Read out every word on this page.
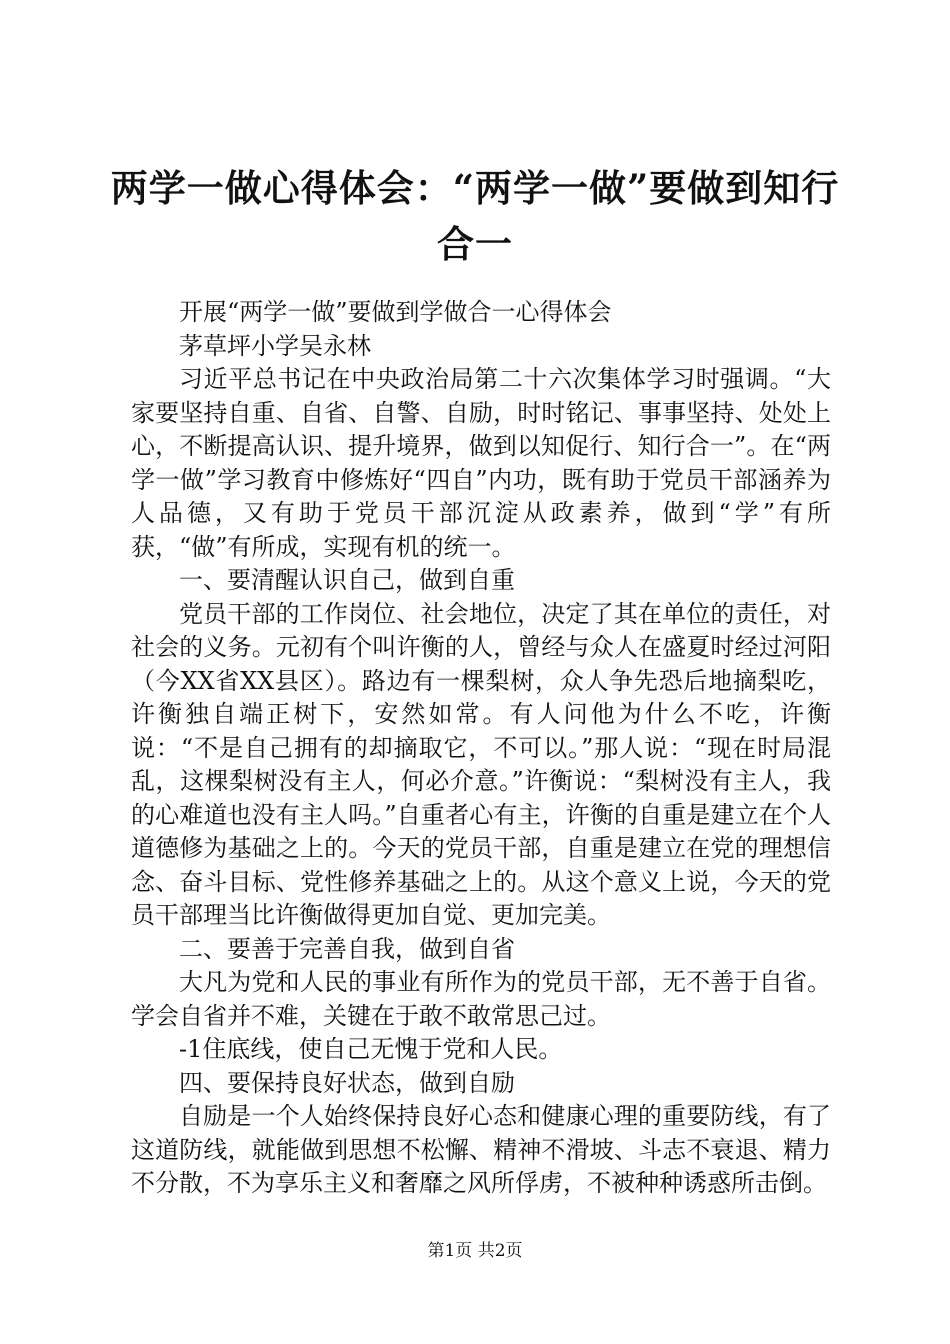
两学一做心得体会：“两学一做”要做到知行
合一

开展“两学一做”要做到学做合一心得体会

茅草坪小学吴永林

习近平总书记在中央政治局第二十六次集体学习时强调。“大家要坚持自重、自省、自警、自励，时时铭记、事事坚持、处处上心，不断提高认识、提升境界，做到以知促行、知行合一”。在“两学一做”学习教育中修炼好“四自”内功，既有助于党员干部涵养为人品德，又有助于党员干部沉淀从政素养，做到“学”有所获，“做”有所成，实现有机的统一。

一、要清醒认识自己，做到自重

党员干部的工作岗位、社会地位，决定了其在单位的责任，对社会的义务。元初有个叫许衡的人，曾经与众人在盛夏时经过河阳（今XX省XX县区）。路边有一棵梨树，众人争先恐后地摘梨吃，许衡独自端正树下，安然如常。有人问他为什么不吃，许衡说：“不是自己拥有的却摘取它，不可以。”那人说：“现在时局混乱，这棵梨树没有主人，何必介意。”许衡说：“梨树没有主人，我的心难道也没有主人吗。”自重者心有主，许衡的自重是建立在个人道德修为基础之上的。今天的党员干部，自重是建立在党的理想信念、奋斗目标、党性修养基础之上的。从这个意义上说，今天的党员干部理当比许衡做得更加自觉、更加完美。

二、要善于完善自我，做到自省

大凡为党和人民的事业有所作为的党员干部，无不善于自省。学会自省并不难，关键在于敢不敢常思己过。

-1住底线，使自己无愧于党和人民。

四、要保持良好状态，做到自励

自励是一个人始终保持良好心态和健康心理的重要防线，有了这道防线，就能做到思想不松懈、精神不滑坡、斗志不衰退、精力不分散，不为享乐主义和奢靡之风所俘虏，不被种种诱惑所击倒。

第1页 共2页
